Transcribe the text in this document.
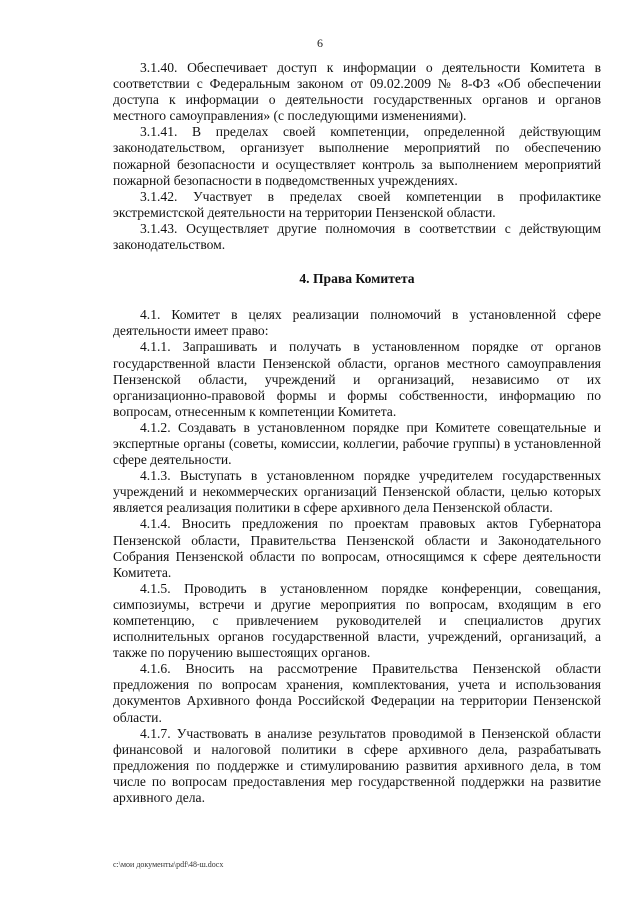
6

3.1.40. Обеспечивает доступ к информации о деятельности Комитета в соответствии с Федеральным законом от 09.02.2009 № 8-ФЗ «Об обеспечении доступа к информации о деятельности государственных органов и органов местного самоуправления» (с последующими изменениями).

3.1.41. В пределах своей компетенции, определенной действующим законодательством, организует выполнение мероприятий по обеспечению пожарной безопасности и осуществляет контроль за выполнением мероприятий пожарной безопасности в подведомственных учреждениях.

3.1.42. Участвует в пределах своей компетенции в профилактике экстремистской деятельности на территории Пензенской области.

3.1.43. Осуществляет другие полномочия в соответствии с действующим законодательством.

4. Права Комитета

4.1. Комитет в целях реализации полномочий в установленной сфере деятельности имеет право:

4.1.1. Запрашивать и получать в установленном порядке от органов государственной власти Пензенской области, органов местного самоуправления Пензенской области, учреждений и организаций, независимо от их организационно-правовой формы и формы собственности, информацию по вопросам, отнесенным к компетенции Комитета.

4.1.2. Создавать в установленном порядке при Комитете совещательные и экспертные органы (советы, комиссии, коллегии, рабочие группы) в установленной сфере деятельности.

4.1.3. Выступать в установленном порядке учредителем государственных учреждений и некоммерческих организаций Пензенской области, целью которых является реализация политики в сфере архивного дела Пензенской области.

4.1.4. Вносить предложения по проектам правовых актов Губернатора Пензенской области, Правительства Пензенской области и Законодательного Собрания Пензенской области по вопросам, относящимся к сфере деятельности Комитета.

4.1.5. Проводить в установленном порядке конференции, совещания, симпозиумы, встречи и другие мероприятия по вопросам, входящим в его компетенцию, с привлечением руководителей и специалистов других исполнительных органов государственной власти, учреждений, организаций, а также по поручению вышестоящих органов.

4.1.6. Вносить на рассмотрение Правительства Пензенской области предложения по вопросам хранения, комплектования, учета и использования документов Архивного фонда Российской Федерации на территории Пензенской области.

4.1.7. Участвовать в анализе результатов проводимой в Пензенской области финансовой и налоговой политики в сфере архивного дела, разрабатывать предложения по поддержке и стимулированию развития архивного дела, в том числе по вопросам предоставления мер государственной поддержки на развитие архивного дела.

c:\мои документы\pdf\48-ш.docx
